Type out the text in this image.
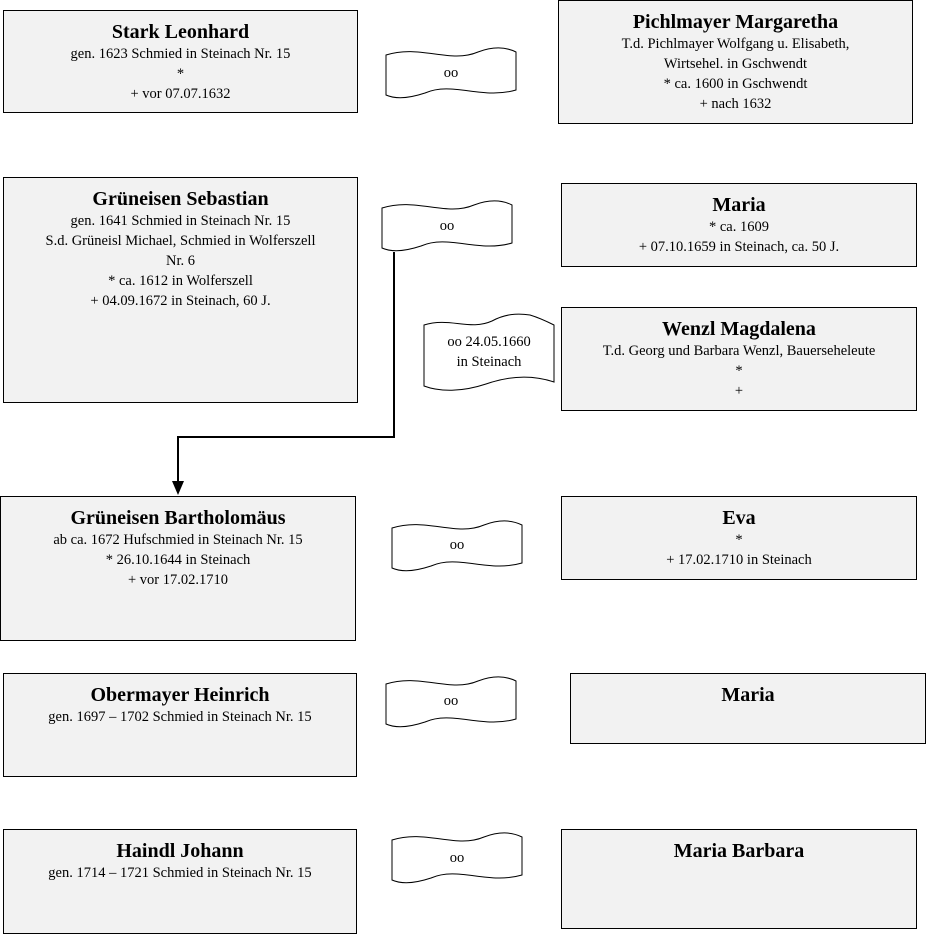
oo
oo
oo 24.05.1660
in Steinach
oo
oo
oo
Stark Leonhard
gen. 1623 Schmied in Steinach Nr. 15
*
+ vor 07.07.1632
Pichlmayer Margaretha
T.d. Pichlmayer Wolfgang u. Elisabeth,
Wirtsehel. in Gschwendt
* ca. 1600 in Gschwendt
+ nach 1632
Grüneisen Sebastian
gen. 1641 Schmied in Steinach Nr. 15
S.d. Grüneisl Michael, Schmied in Wolferszell
Nr. 6
* ca. 1612 in Wolferszell
+ 04.09.1672 in Steinach, 60 J.
Maria
* ca. 1609
+ 07.10.1659 in Steinach, ca. 50 J.
Wenzl Magdalena
T.d. Georg und Barbara Wenzl, Bauerseheleute
*
+
Grüneisen Bartholomäus
ab ca. 1672 Hufschmied in Steinach Nr. 15
* 26.10.1644 in Steinach
+ vor 17.02.1710
Eva
*
+ 17.02.1710 in Steinach
Obermayer Heinrich
gen. 1697 – 1702 Schmied in Steinach Nr. 15
Maria
Haindl Johann
gen. 1714 – 1721 Schmied in Steinach Nr. 15
Maria Barbara
